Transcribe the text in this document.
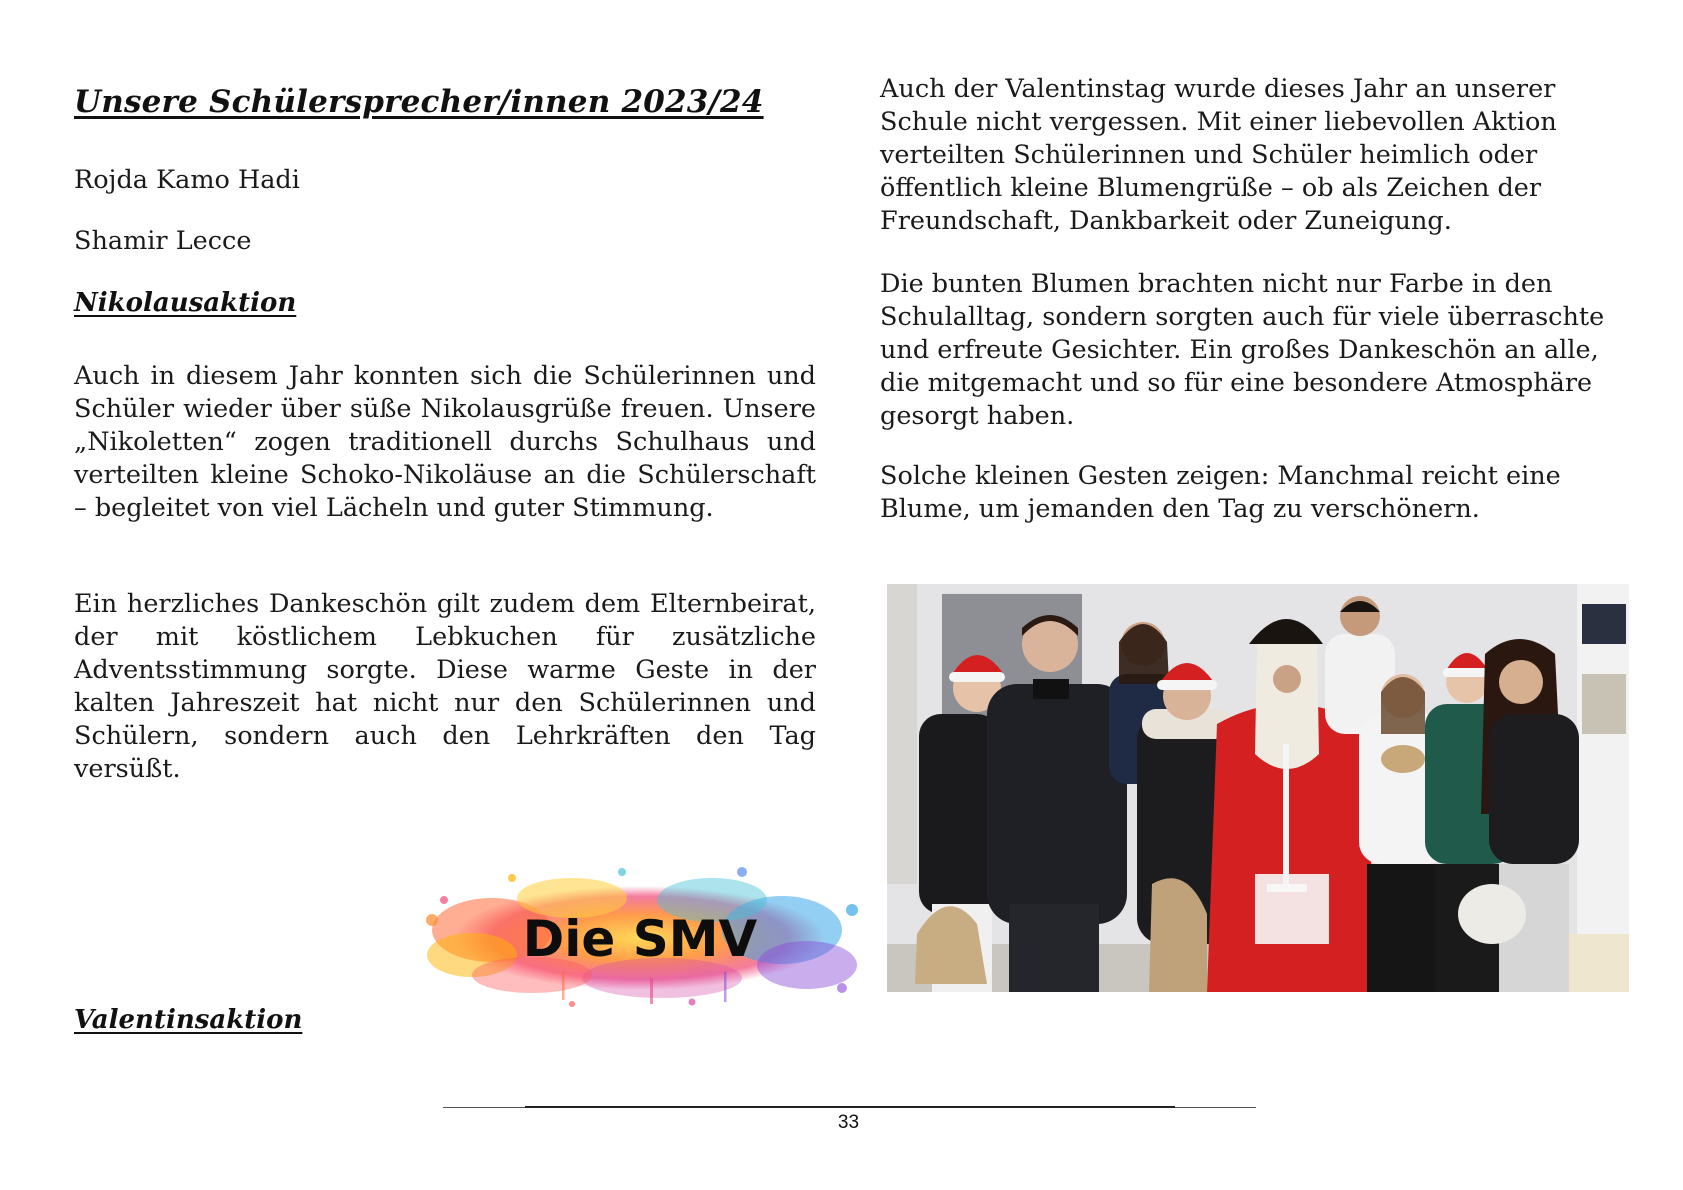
Unsere Schülersprecher/innen 2023/24

Rojda Kamo Hadi

Shamir Lecce

Nikolausaktion

Auch in diesem Jahr konnten sich die Schülerinnen und Schüler wieder über süße Nikolausgrüße freuen. Unsere „Nikoletten“ zogen traditionell durchs Schulhaus und verteilten kleine Schoko-Nikoläuse an die Schülerschaft – begleitet von viel Lächeln und guter Stimmung.

Ein herzliches Dankeschön gilt zudem dem Elternbeirat, der mit köstlichem Lebkuchen für zusätzliche Adventsstimmung sorgte. Diese warme Geste in der kalten Jahreszeit hat nicht nur den Schülerinnen und Schülern, sondern auch den Lehrkräften den Tag versüßt.

Die SMV
Valentinsaktion

Auch der Valentinstag wurde dieses Jahr an unserer Schule nicht vergessen. Mit einer liebevollen Aktion verteilten Schülerinnen und Schüler heimlich oder öffentlich kleine Blumengrüße – ob als Zeichen der Freundschaft, Dankbarkeit oder Zuneigung.

Die bunten Blumen brachten nicht nur Farbe in den Schulalltag, sondern sorgten auch für viele überraschte und erfreute Gesichter. Ein großes Dankeschön an alle, die mitgemacht und so für eine besondere Atmosphäre gesorgt haben.

Solche kleinen Gesten zeigen: Manchmal reicht eine Blume, um jemanden den Tag zu verschönern.

33
